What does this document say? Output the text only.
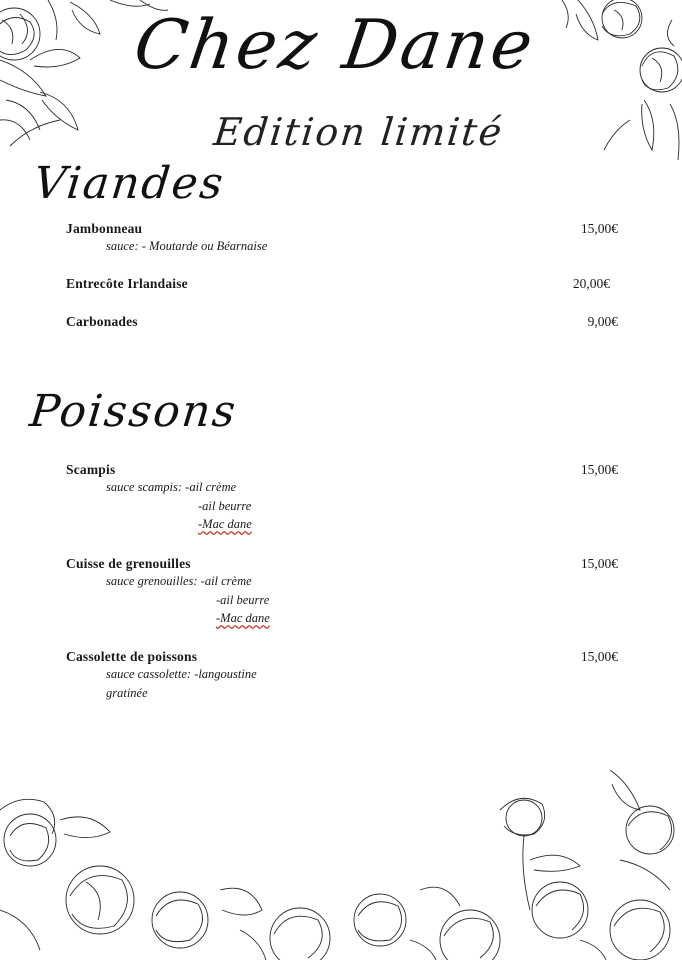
Chez Dane
Edition limité
Viandes
Jambonneau	15,00€
sauce: - Moutarde ou Béarnaise
Entrecôte Irlandaise	20,00€
Carbonades	9,00€
Poissons
Scampis	15,00€
sauce scampis: -ail crème
-ail beurre
-Mac dane
Cuisse de grenouilles	15,00€
sauce grenouilles: -ail crème
-ail beurre
-Mac dane
Cassolette de poissons	15,00€
sauce cassolette: -langoustine
gratinée
